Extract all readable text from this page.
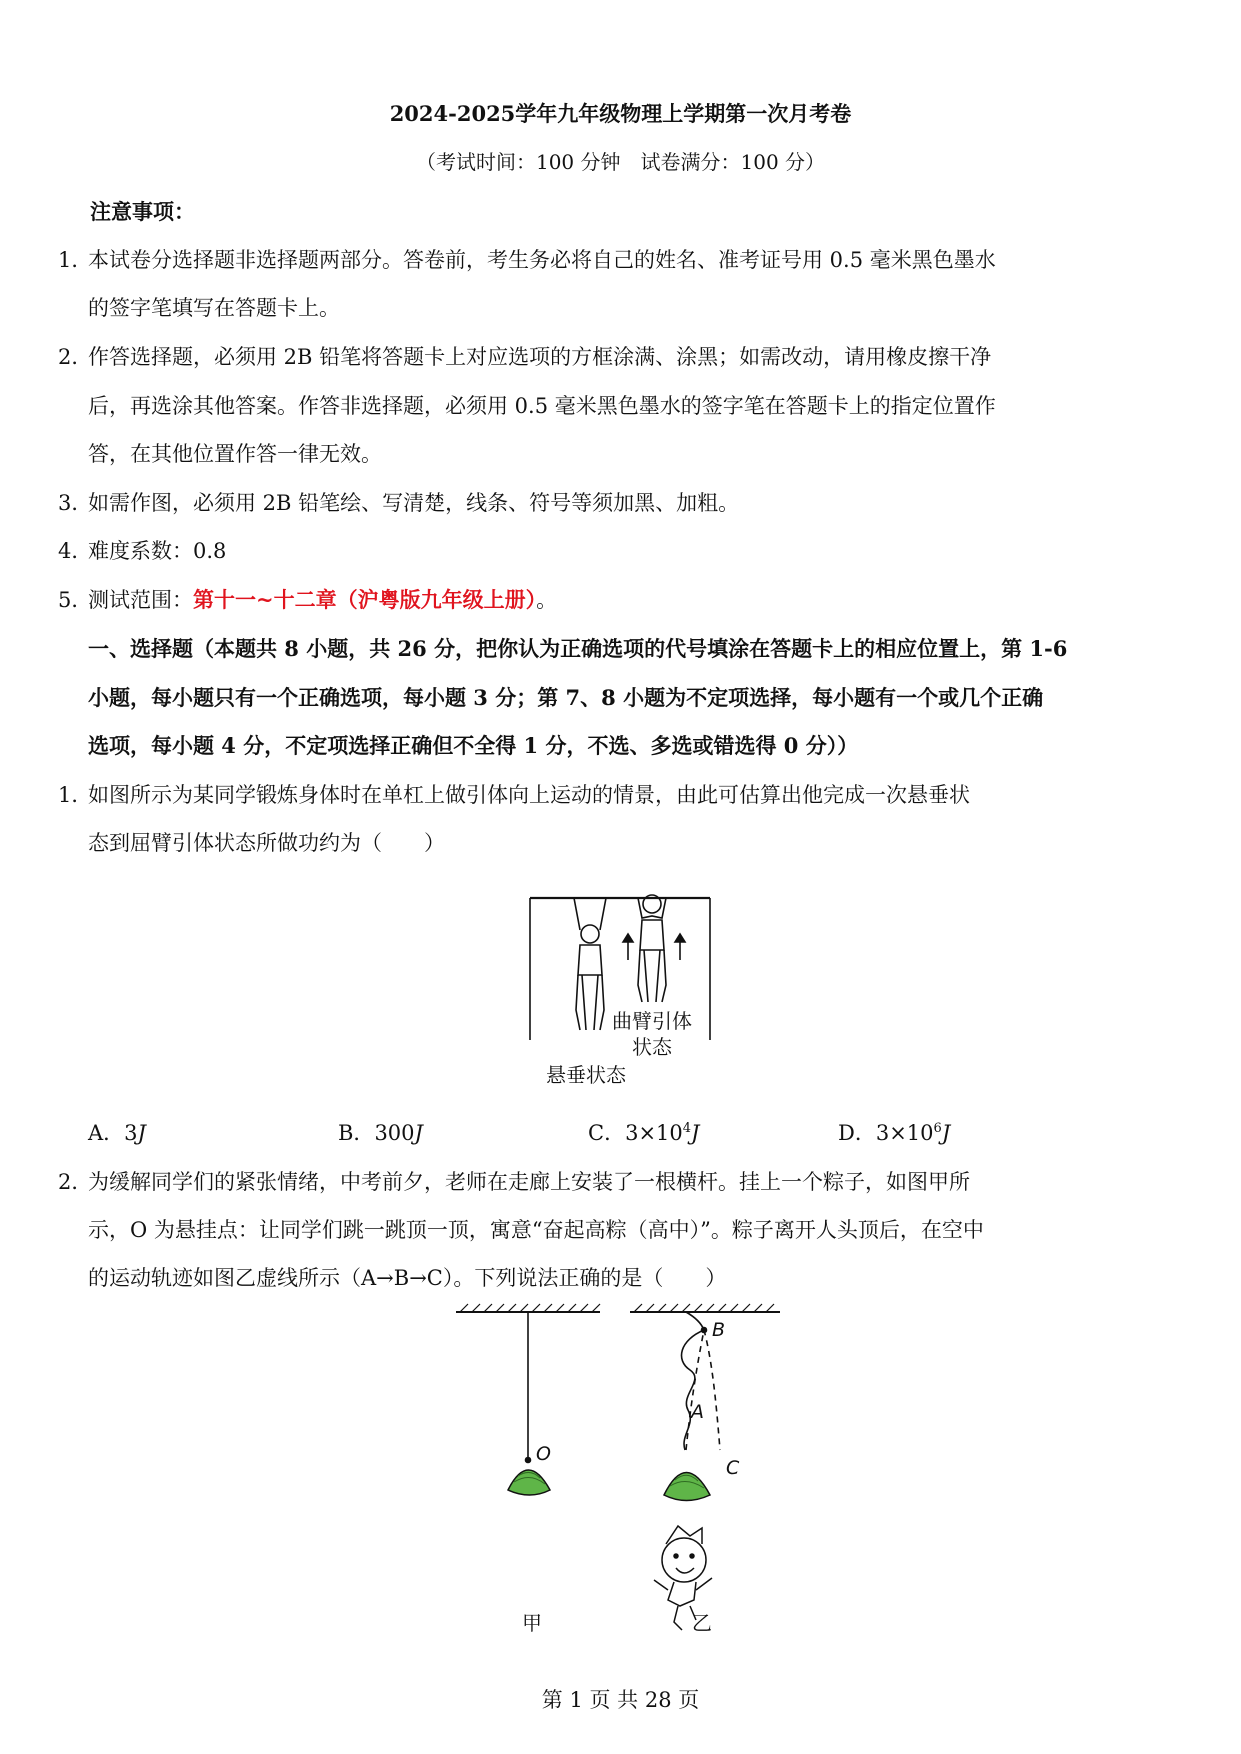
2024-2025学年九年级物理上学期第一次月考卷
（考试时间：100 分钟　试卷满分：100 分）
注意事项：
1．本试卷分选择题非选择题两部分。答卷前，考生务必将自己的姓名、准考证号用 0.5 毫米黑色墨水
的签字笔填写在答题卡上。
2．作答选择题，必须用 2B 铅笔将答题卡上对应选项的方框涂满、涂黑；如需改动，请用橡皮擦干净
后，再选涂其他答案。作答非选择题，必须用 0.5 毫米黑色墨水的签字笔在答题卡上的指定位置作
答，在其他位置作答一律无效。
3．如需作图，必须用 2B 铅笔绘、写清楚，线条、符号等须加黑、加粗。
4．难度系数：0.8
5．测试范围：第十一~十二章（沪粤版九年级上册）。
一、选择题（本题共 8 小题，共 26 分，把你认为正确选项的代号填涂在答题卡上的相应位置上，第 1-6
小题，每小题只有一个正确选项，每小题 3 分；第 7、8 小题为不定项选择，每小题有一个或几个正确
选项，每小题 4 分，不定项选择正确但不全得 1 分，不选、多选或错选得 0 分））
1．如图所示为某同学锻炼身体时在单杠上做引体向上运动的情景，由此可估算出他完成一次悬垂状
态到屈臂引体状态所做功约为（　　）
曲臂引体
状态
悬垂状态
A．3J	B．300J	C．$3\times 10^4J$	D．$3\times 10^6J$
2．为缓解同学们的紧张情绪，中考前夕，老师在走廊上安装了一根横杆。挂上一个粽子，如图甲所
示，O 为悬挂点：让同学们跳一跳顶一顶，寓意“奋起高粽（高中）”。粽子离开人头顶后，在空中
的运动轨迹如图乙虚线所示（A→B→C）。下列说法正确的是（　　）
O
B
A
C
甲	乙
第 1 页 共 28 页
